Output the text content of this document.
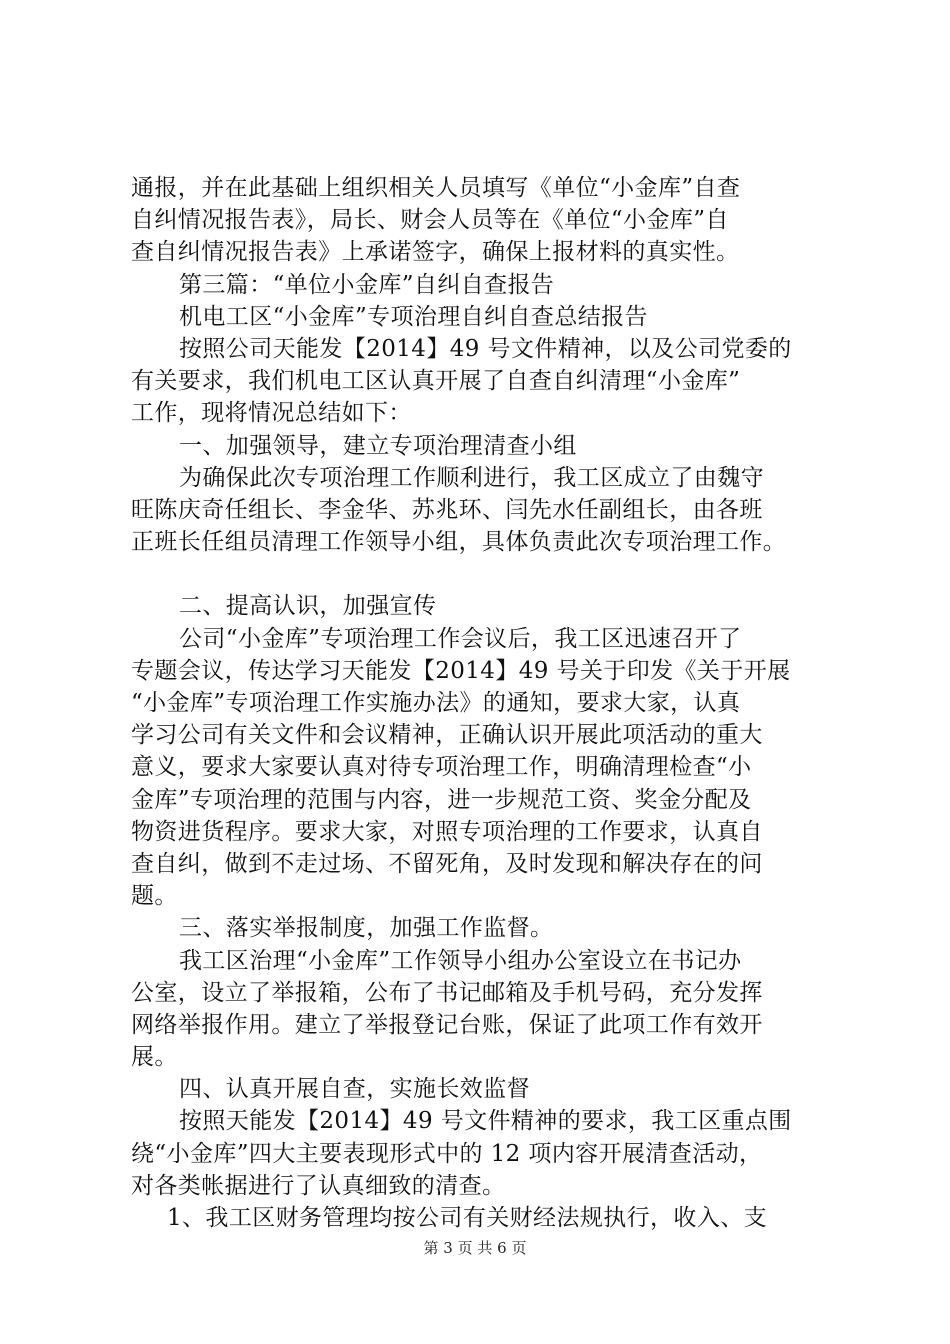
通报，并在此基础上组织相关人员填写《单位“小金库”自查
自纠情况报告表》，局长、财会人员等在《单位“小金库”自
查自纠情况报告表》上承诺签字，确保上报材料的真实性。
第三篇：“单位小金库”自纠自查报告
机电工区“小金库”专项治理自纠自查总结报告
按照公司天能发【2014】49 号文件精神，以及公司党委的
有关要求，我们机电工区认真开展了自查自纠清理“小金库”
工作，现将情况总结如下：
一、加强领导，建立专项治理清查小组
为确保此次专项治理工作顺利进行，我工区成立了由魏守
旺陈庆奇任组长、李金华、苏兆环、闫先水任副组长，由各班
正班长任组员清理工作领导小组，具体负责此次专项治理工作。
二、提高认识，加强宣传
公司“小金库”专项治理工作会议后，我工区迅速召开了
专题会议，传达学习天能发【2014】49 号关于印发《关于开展
“小金库”专项治理工作实施办法》的通知，要求大家，认真
学习公司有关文件和会议精神，正确认识开展此项活动的重大
意义，要求大家要认真对待专项治理工作，明确清理检查“小
金库”专项治理的范围与内容，进一步规范工资、奖金分配及
物资进货程序。要求大家，对照专项治理的工作要求，认真自
查自纠，做到不走过场、不留死角，及时发现和解决存在的问
题。
三、落实举报制度，加强工作监督。
我工区治理“小金库”工作领导小组办公室设立在书记办
公室，设立了举报箱，公布了书记邮箱及手机号码，充分发挥
网络举报作用。建立了举报登记台账，保证了此项工作有效开
展。
四、认真开展自查，实施长效监督
按照天能发【2014】49 号文件精神的要求，我工区重点围
绕“小金库”四大主要表现形式中的 12 项内容开展清查活动，
对各类帐据进行了认真细致的清查。
1、我工区财务管理均按公司有关财经法规执行，收入、支
第 3 页 共 6 页
